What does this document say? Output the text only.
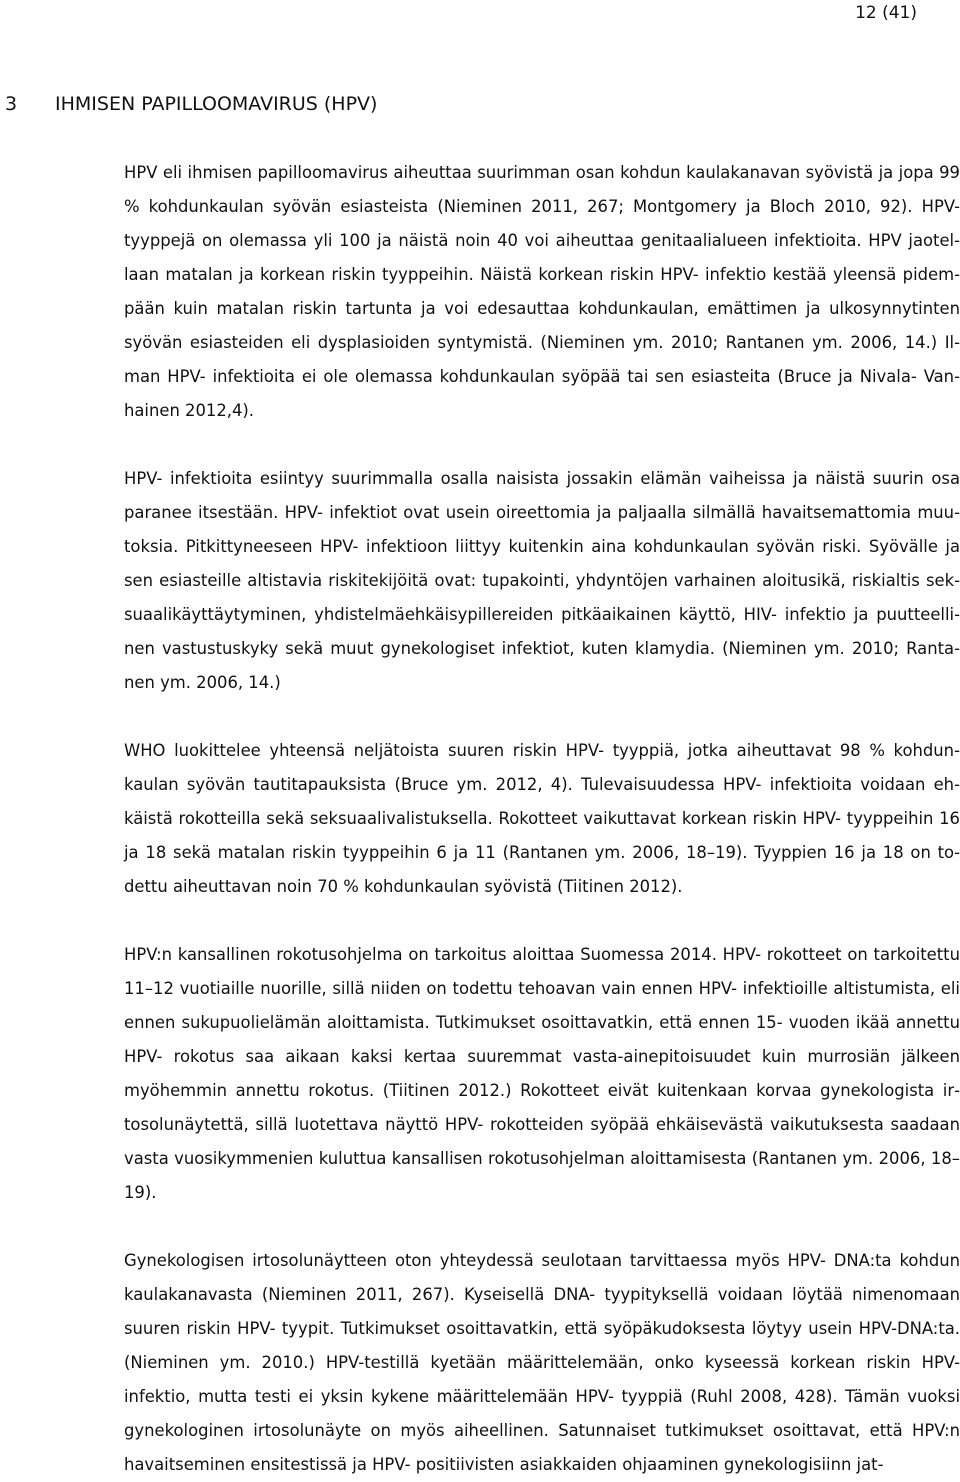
12 (41)
3 IHMISEN PAPILLOOMAVIRUS (HPV)

HPV eli ihmisen papilloomavirus aiheuttaa suurimman osan kohdun kaulakanavan syövistä ja jopa 99 % kohdunkaulan syövän esiasteista (Nieminen 2011, 267; Montgomery ja Bloch 2010, 92). HPV-tyyppejä on olemassa yli 100 ja näistä noin 40 voi aiheuttaa genitaalialueen infektioita. HPV jaotellaan matalan ja korkean riskin tyyppeihin. Näistä korkean riskin HPV- infektio kestää yleensä pidempään kuin matalan riskin tartunta ja voi edesauttaa kohdunkaulan, emättimen ja ulkosynnytinten syövän esiasteiden eli dysplasioiden syntymistä. (Nieminen ym. 2010; Rantanen ym. 2006, 14.) Ilman HPV- infektioita ei ole olemassa kohdunkaulan syöpää tai sen esiasteita (Bruce ja Nivala- Vanhainen 2012,4).

HPV- infektioita esiintyy suurimmalla osalla naisista jossakin elämän vaiheissa ja näistä suurin osa paranee itsestään. HPV- infektiot ovat usein oireettomia ja paljaalla silmällä havaitsemattomia muutoksia. Pitkittyneeseen HPV- infektioon liittyy kuitenkin aina kohdunkaulan syövän riski. Syövälle ja sen esiasteille altistavia riskitekijöitä ovat: tupakointi, yhdyntöjen varhainen aloitusikä, riskialtis seksuaalikäyttäytyminen, yhdistelmäehkäisypillereiden pitkäaikainen käyttö, HIV- infektio ja puutteellinen vastustuskyky sekä muut gynekologiset infektiot, kuten klamydia. (Nieminen ym. 2010; Rantanen ym. 2006, 14.)

WHO luokittelee yhteensä neljätoista suuren riskin HPV- tyyppiä, jotka aiheuttavat 98 % kohdunkaulan syövän tautitapauksista (Bruce ym. 2012, 4). Tulevaisuudessa HPV- infektioita voidaan ehkäistä rokotteilla sekä seksuaalivalistuksella. Rokotteet vaikuttavat korkean riskin HPV- tyyppeihin 16 ja 18 sekä matalan riskin tyyppeihin 6 ja 11 (Rantanen ym. 2006, 18–19). Tyyppien 16 ja 18 on todettu aiheuttavan noin 70 % kohdunkaulan syövistä (Tiitinen 2012).

HPV:n kansallinen rokotusohjelma on tarkoitus aloittaa Suomessa 2014. HPV- rokotteet on tarkoitettu 11–12 vuotiaille nuorille, sillä niiden on todettu tehoavan vain ennen HPV- infektioille altistumista, eli ennen sukupuolielämän aloittamista. Tutkimukset osoittavatkin, että ennen 15- vuoden ikää annettu HPV- rokotus saa aikaan kaksi kertaa suuremmat vasta-ainepitoisuudet kuin murrosiän jälkeen myöhemmin annettu rokotus. (Tiitinen 2012.) Rokotteet eivät kuitenkaan korvaa gynekologista irtosolunäytettä, sillä luotettava näyttö HPV- rokotteiden syöpää ehkäisevästä vaikutuksesta saadaan vasta vuosikymmenien kuluttua kansallisen rokotusohjelman aloittamisesta (Rantanen ym. 2006, 18–19).

Gynekologisen irtosolunäytteen oton yhteydessä seulotaan tarvittaessa myös HPV- DNA:ta kohdun kaulakanavasta (Nieminen 2011, 267). Kyseisellä DNA- tyypityksellä voidaan löytää nimenomaan suuren riskin HPV- tyypit. Tutkimukset osoittavatkin, että syöpäkudoksesta löytyy usein HPV-DNA:ta. (Nieminen ym. 2010.) HPV-testillä kyetään määrittelemään, onko kyseessä korkean riskin HPV- infektio, mutta testi ei yksin kykene määrittelemään HPV- tyyppiä (Ruhl 2008, 428). Tämän vuoksi gynekologinen irtosolunäyte on myös aiheellinen. Satunnaiset tutkimukset osoittavat, että HPV:n havaitseminen ensitestissä ja HPV- positiivisten asiakkaiden ohjaaminen gynekologisiinn jat-
